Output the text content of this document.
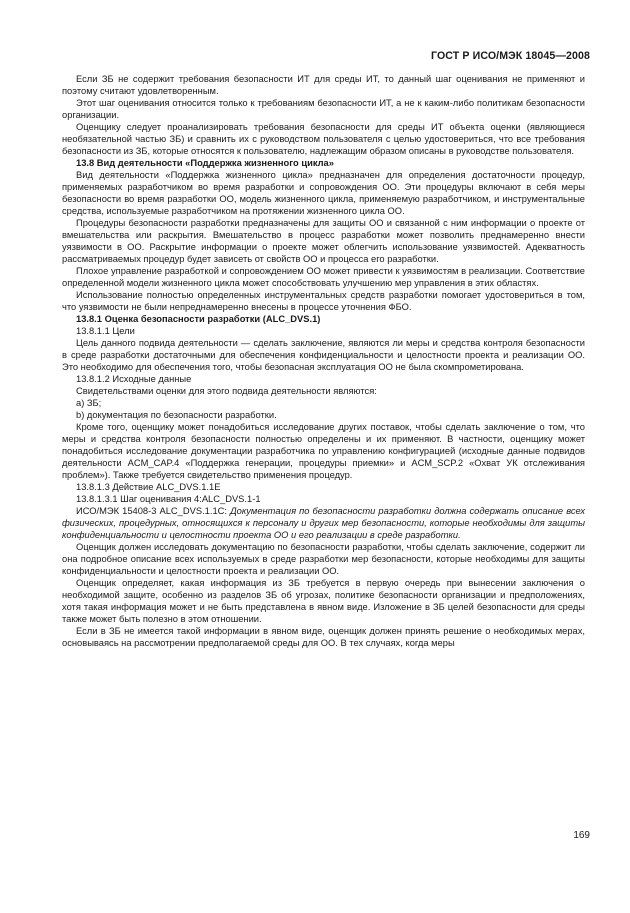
ГОСТ Р ИСО/МЭК 18045—2008

Если ЗБ не содержит требования безопасности ИТ для среды ИТ, то данный шаг оценивания не применяют и поэтому считают удовлетворенным.

Этот шаг оценивания относится только к требованиям безопасности ИТ, а не к каким-либо политикам безопасности организации.

Оценщику следует проанализировать требования безопасности для среды ИТ объекта оценки (являющиеся необязательной частью ЗБ) и сравнить их с руководством пользователя с целью удостовериться, что все требования безопасности из ЗБ, которые относятся к пользователю, надлежащим образом описаны в руководстве пользователя.

13.8 Вид деятельности «Поддержка жизненного цикла»

Вид деятельности «Поддержка жизненного цикла» предназначен для определения достаточности процедур, применяемых разработчиком во время разработки и сопровождения ОО. Эти процедуры включают в себя меры безопасности во время разработки ОО, модель жизненного цикла, применяемую разработчиком, и инструментальные средства, используемые разработчиком на протяжении жизненного цикла ОО.

Процедуры безопасности разработки предназначены для защиты ОО и связанной с ним информации о проекте от вмешательства или раскрытия. Вмешательство в процесс разработки может позволить преднамеренно внести уязвимости в ОО. Раскрытие информации о проекте может облегчить использование уязвимостей. Адекватность рассматриваемых процедур будет зависеть от свойств ОО и процесса его разработки.

Плохое управление разработкой и сопровождением ОО может привести к уязвимостям в реализации. Соответствие определенной модели жизненного цикла может способствовать улучшению мер управления в этих областях.

Использование полностью определенных инструментальных средств разработки помогает удостовериться в том, что уязвимости не были непреднамеренно внесены в процессе уточнения ФБО.

13.8.1 Оценка безопасности разработки (ALC_DVS.1)

13.8.1.1 Цели

Цель данного подвида деятельности — сделать заключение, являются ли меры и средства контроля безопасности в среде разработки достаточными для обеспечения конфиденциальности и целостности проекта и реализации ОО. Это необходимо для обеспечения того, чтобы безопасная эксплуатация ОО не была скомпрометирована.

13.8.1.2 Исходные данные

Свидетельствами оценки для этого подвида деятельности являются:

a) ЗБ;

b) документация по безопасности разработки.

Кроме того, оценщику может понадобиться исследование других поставок, чтобы сделать заключение о том, что меры и средства контроля безопасности полностью определены и их применяют. В частности, оценщику может понадобиться исследование документации разработчика по управлению конфигурацией (исходные данные подвидов деятельности ACM_CAP.4 «Поддержка генерации, процедуры приемки» и ACM_SCP.2 «Охват УК отслеживания проблем»). Также требуется свидетельство применения процедур.

13.8.1.3 Действие ALC_DVS.1.1Е

13.8.1.3.1 Шаг оценивания 4:ALC_DVS.1-1

ИСО/МЭК 15408-3 ALC_DVS.1.1C: Документация по безопасности разработки должна содержать описание всех физических, процедурных, относящихся к персоналу и других мер безопасности, которые необходимы для защиты конфиденциальности и целостности проекта ОО и его реализации в среде разработки.

Оценщик должен исследовать документацию по безопасности разработки, чтобы сделать заключение, содержит ли она подробное описание всех используемых в среде разработки мер безопасности, которые необходимы для защиты конфиденциальности и целостности проекта и реализации ОО.

Оценщик определяет, какая информация из ЗБ требуется в первую очередь при вынесении заключения о необходимой защите, особенно из разделов ЗБ об угрозах, политике безопасности организации и предположениях, хотя такая информация может и не быть представлена в явном виде. Изложение в ЗБ целей безопасности для среды также может быть полезно в этом отношении.

Если в ЗБ не имеется такой информации в явном виде, оценщик должен принять решение о необходимых мерах, основываясь на рассмотрении предполагаемой среды для ОО. В тех случаях, когда меры

169
